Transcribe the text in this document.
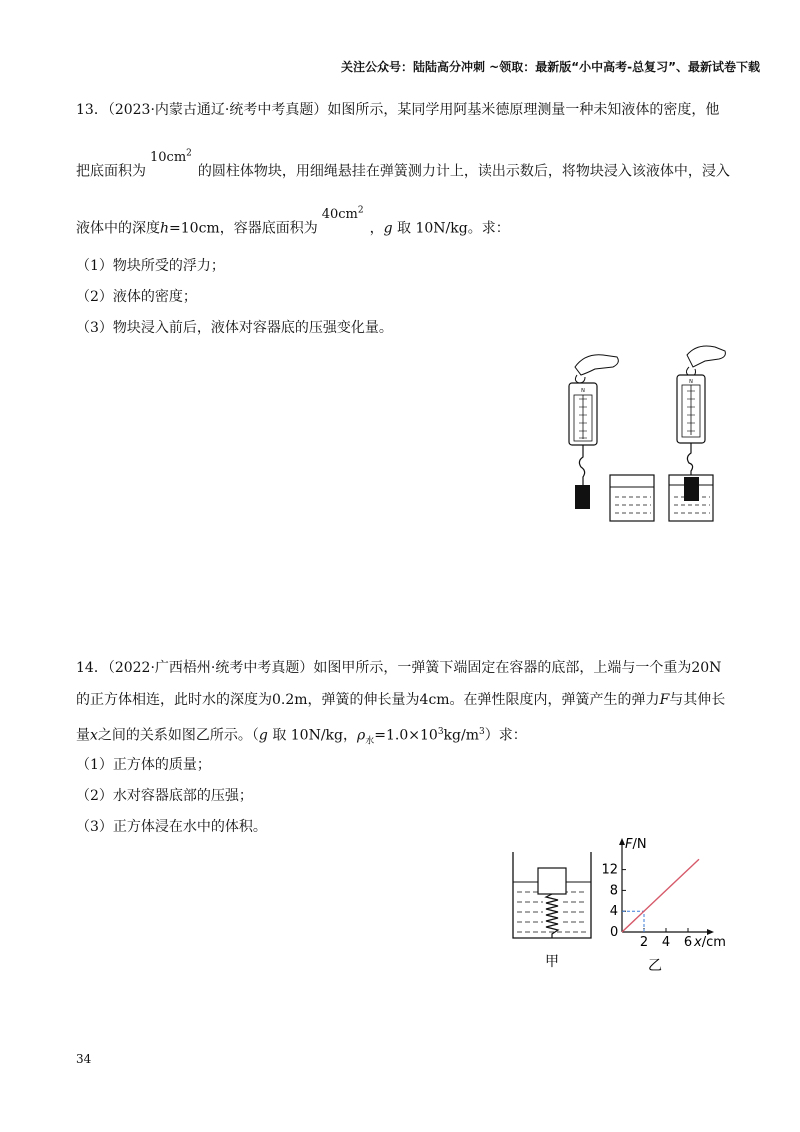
关注公众号：陆陆高分冲刺 ~领取：最新版“小中高考-总复习”、最新试卷下载
13．（2023·内蒙古通辽·统考中考真题）如图所示，某同学用阿基米德原理测量一种未知液体的密度，他
把底面积为$10cm^2$的圆柱体物块，用细绳悬挂在弹簧测力计上，读出示数后，将物块浸入该液体中，浸入
液体中的深度h=10cm，容器底面积为$40cm^2$，g 取 10N/kg。求：
（1）物块所受的浮力；
（2）液体的密度；
（3）物块浸入前后，液体对容器底的压强变化量。
N
N
14．（2022·广西梧州·统考中考真题）如图甲所示，一弹簧下端固定在容器的底部，上端与一个重为20N
的正方体相连，此时水的深度为0.2m，弹簧的伸长量为4cm。在弹性限度内，弹簧产生的弹力F与其伸长
量x之间的关系如图乙所示。（g 取 10N/kg，$\rho_水=1.0\times 10^3kg/m^3$）求：
（1）正方体的质量；
（2）水对容器底部的压强；
（3）正方体浸在水中的体积。
甲
F/N
x/cm
0
2 4 6
4
8
12
乙
34
